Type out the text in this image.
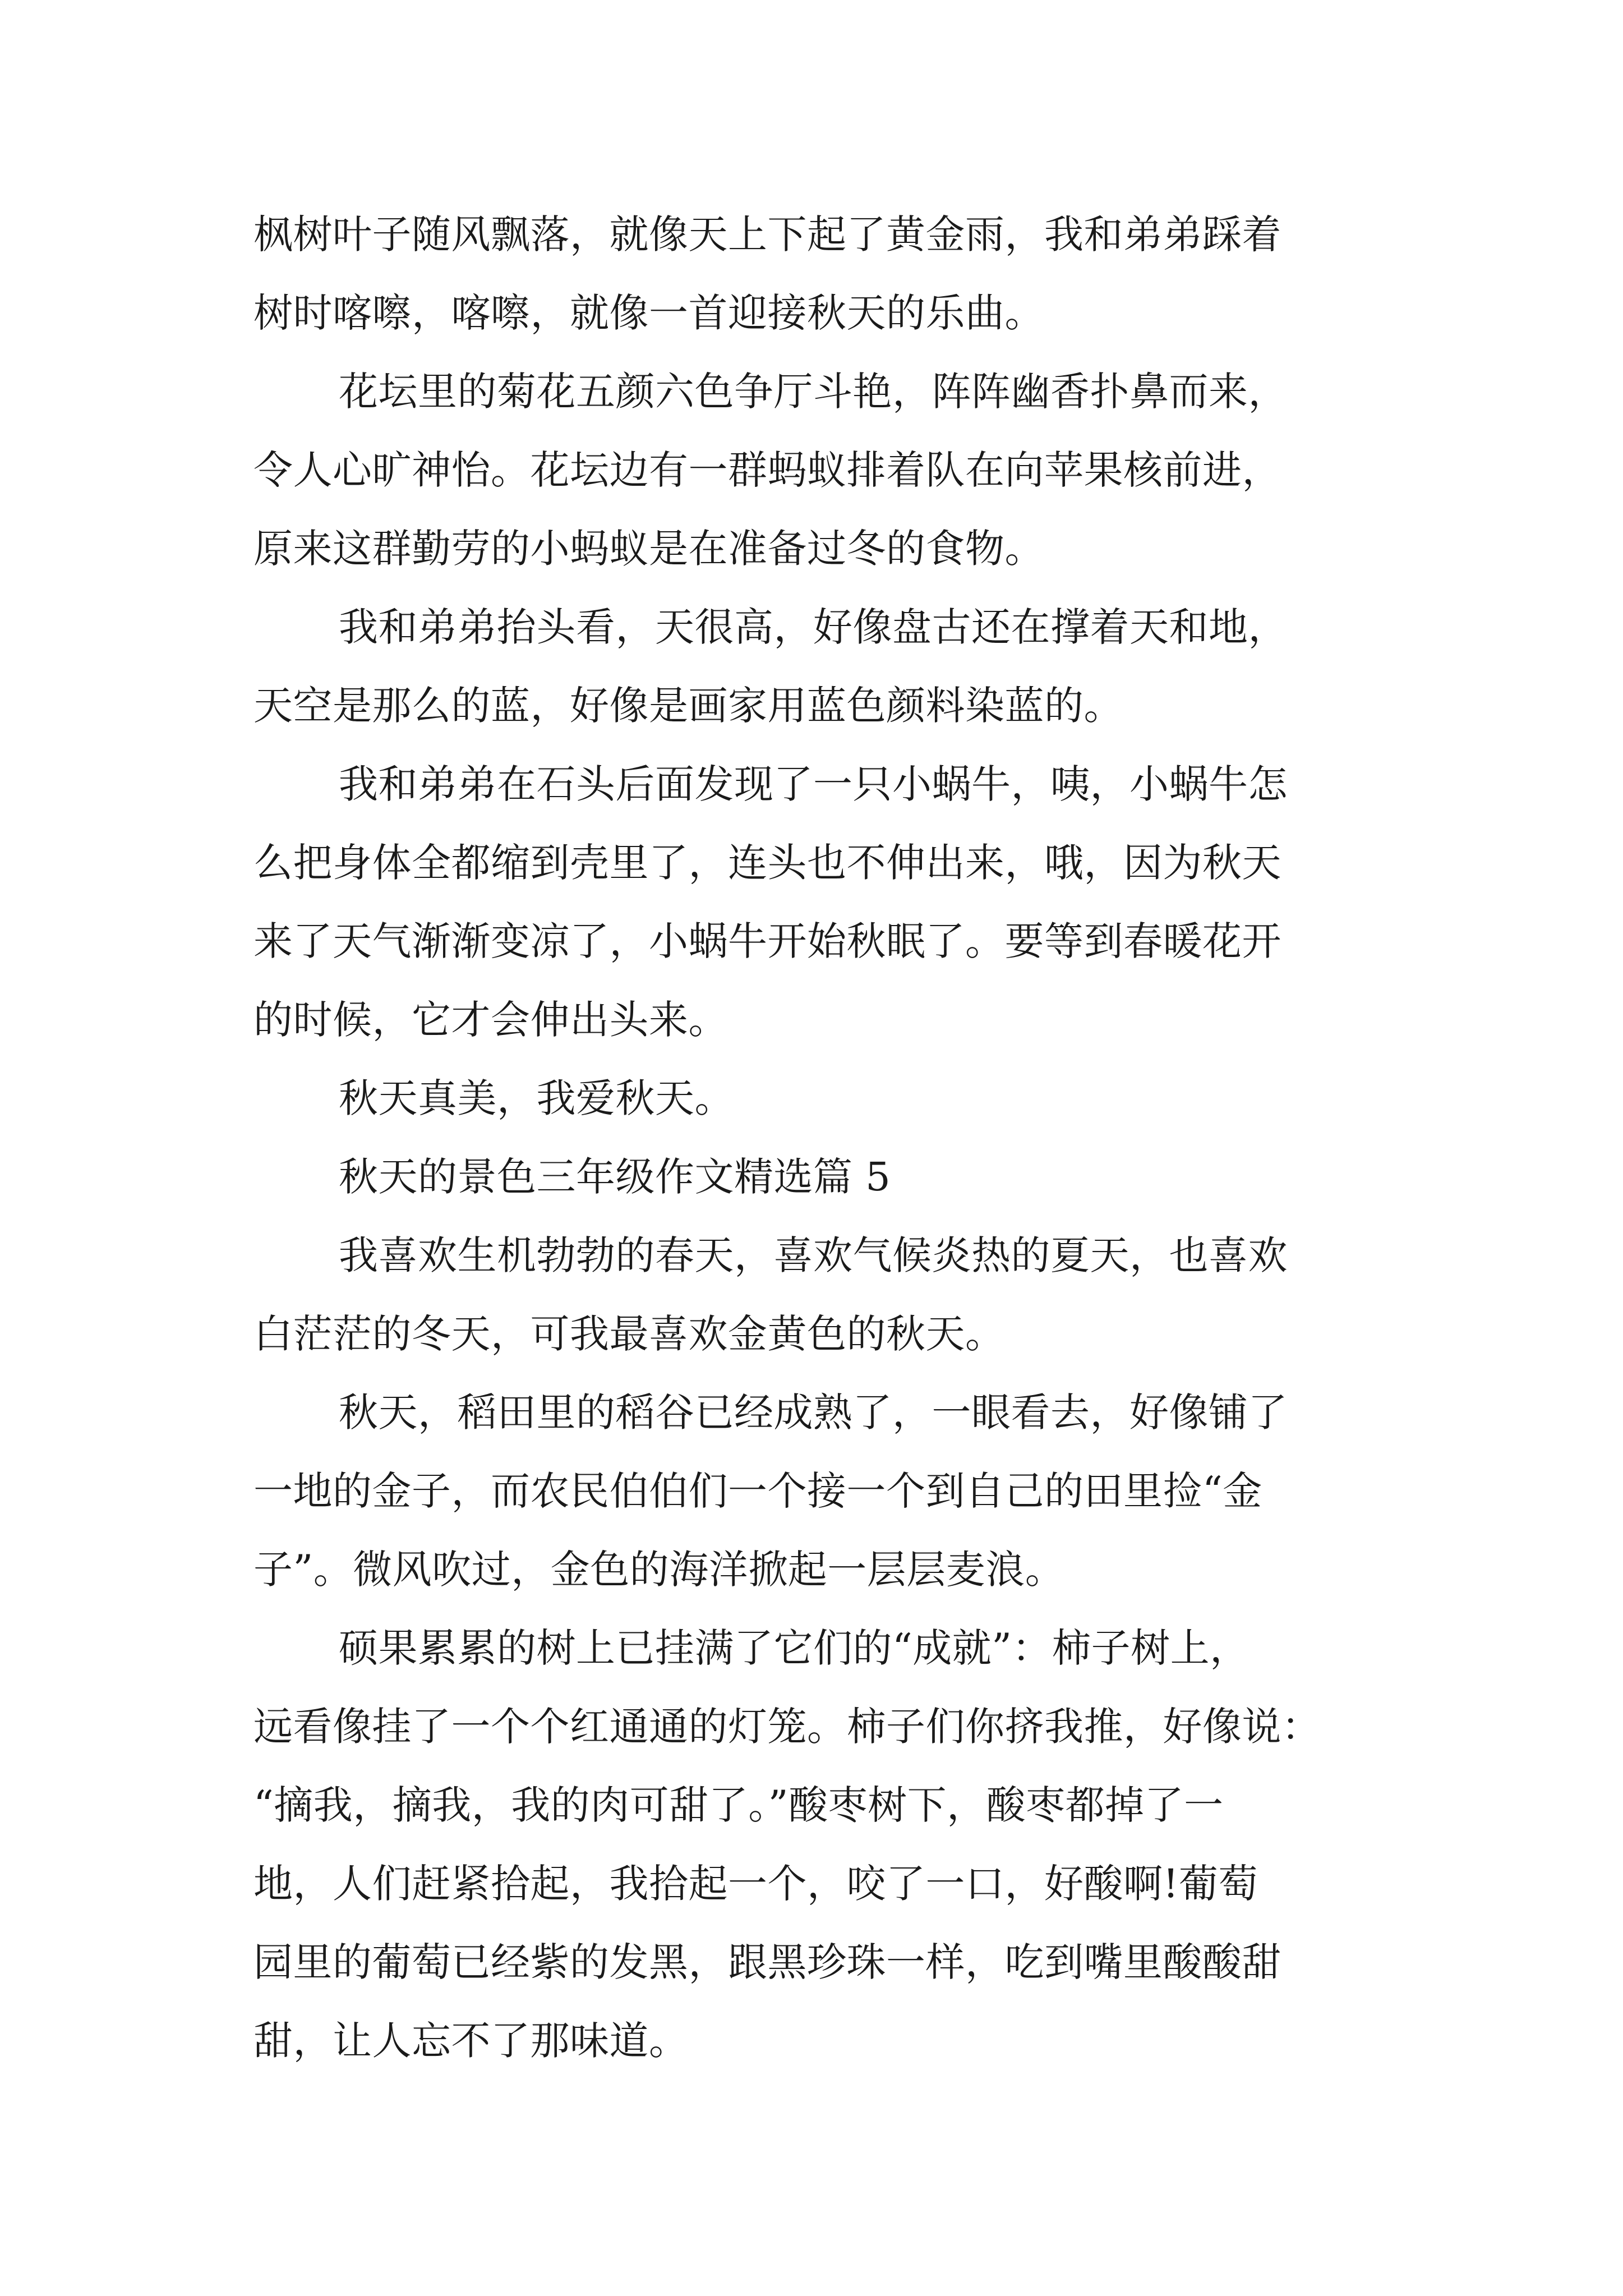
枫树叶子随风飘落，就像天上下起了黄金雨，我和弟弟踩着
树时喀嚓，喀嚓，就像一首迎接秋天的乐曲。
花坛里的菊花五颜六色争厅斗艳，阵阵幽香扑鼻而来，
令人心旷神怡。花坛边有一群蚂蚁排着队在向苹果核前进，
原来这群勤劳的小蚂蚁是在准备过冬的食物。
我和弟弟抬头看，天很高，好像盘古还在撑着天和地，
天空是那么的蓝，好像是画家用蓝色颜料染蓝的。
我和弟弟在石头后面发现了一只小蜗牛，咦，小蜗牛怎
么把身体全都缩到壳里了，连头也不伸出来，哦，因为秋天
来了天气渐渐变凉了，小蜗牛开始秋眠了。要等到春暖花开
的时候，它才会伸出头来。
秋天真美，我爱秋天。
秋天的景色三年级作文精选篇 5
我喜欢生机勃勃的春天，喜欢气候炎热的夏天，也喜欢
白茫茫的冬天，可我最喜欢金黄色的秋天。
秋天，稻田里的稻谷已经成熟了，一眼看去，好像铺了
一地的金子，而农民伯伯们一个接一个到自己的田里捡“金
子”。微风吹过，金色的海洋掀起一层层麦浪。
硕果累累的树上已挂满了它们的“成就”：柿子树上，
远看像挂了一个个红通通的灯笼。柿子们你挤我推，好像说：
“摘我，摘我，我的肉可甜了。”酸枣树下，酸枣都掉了一
地，人们赶紧拾起，我拾起一个，咬了一口，好酸啊!葡萄
园里的葡萄已经紫的发黑，跟黑珍珠一样，吃到嘴里酸酸甜
甜，让人忘不了那味道。
